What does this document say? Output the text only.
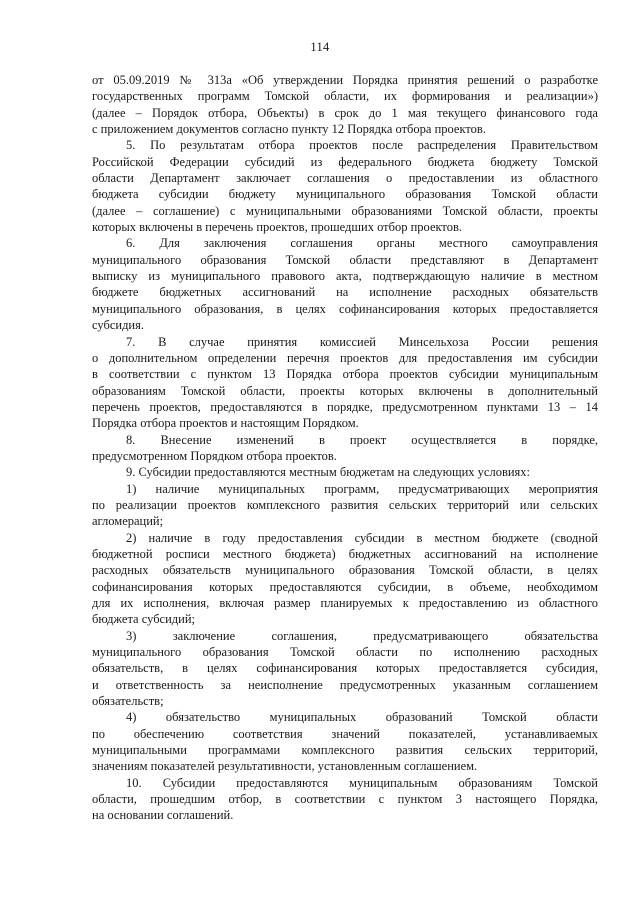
114
от 05.09.2019 № 313а «Об утверждении Порядка принятия решений о разработке
государственных программ Томской области, их формирования и реализации»)
(далее – Порядок отбора, Объекты) в срок до 1 мая текущего финансового года
с приложением документов согласно пункту 12 Порядка отбора проектов.
5. По результатам отбора проектов после распределения Правительством
Российской Федерации субсидий из федерального бюджета бюджету Томской
области Департамент заключает соглашения о предоставлении из областного
бюджета субсидии бюджету муниципального образования Томской области
(далее – соглашение) с муниципальными образованиями Томской области, проекты
которых включены в перечень проектов, прошедших отбор проектов.
6. Для заключения соглашения органы местного самоуправления
муниципального образования Томской области представляют в Департамент
выписку из муниципального правового акта, подтверждающую наличие в местном
бюджете бюджетных ассигнований на исполнение расходных обязательств
муниципального образования, в целях софинансирования которых предоставляется
субсидия.
7. В случае принятия комиссией Минсельхоза России решения
о дополнительном определении перечня проектов для предоставления им субсидии
в соответствии с пунктом 13 Порядка отбора проектов субсидии муниципальным
образованиям Томской области, проекты которых включены в дополнительный
перечень проектов, предоставляются в порядке, предусмотренном пунктами 13 – 14
Порядка отбора проектов и настоящим Порядком.
8. Внесение изменений в проект осуществляется в порядке,
предусмотренном Порядком отбора проектов.
9. Субсидии предоставляются местным бюджетам на следующих условиях:
1) наличие муниципальных программ, предусматривающих мероприятия
по реализации проектов комплексного развития сельских территорий или сельских
агломераций;
2) наличие в году предоставления субсидии в местном бюджете (сводной
бюджетной росписи местного бюджета) бюджетных ассигнований на исполнение
расходных обязательств муниципального образования Томской области, в целях
софинансирования которых предоставляются субсидии, в объеме, необходимом
для их исполнения, включая размер планируемых к предоставлению из областного
бюджета субсидий;
3) заключение соглашения, предусматривающего обязательства
муниципального образования Томской области по исполнению расходных
обязательств, в целях софинансирования которых предоставляется субсидия,
и ответственность за неисполнение предусмотренных указанным соглашением
обязательств;
4) обязательство муниципальных образований Томской области
по обеспечению соответствия значений показателей, устанавливаемых
муниципальными программами комплексного развития сельских территорий,
значениям показателей результативности, установленным соглашением.
10. Субсидии предоставляются муниципальным образованиям Томской
области, прошедшим отбор, в соответствии с пунктом 3 настоящего Порядка,
на основании соглашений.
